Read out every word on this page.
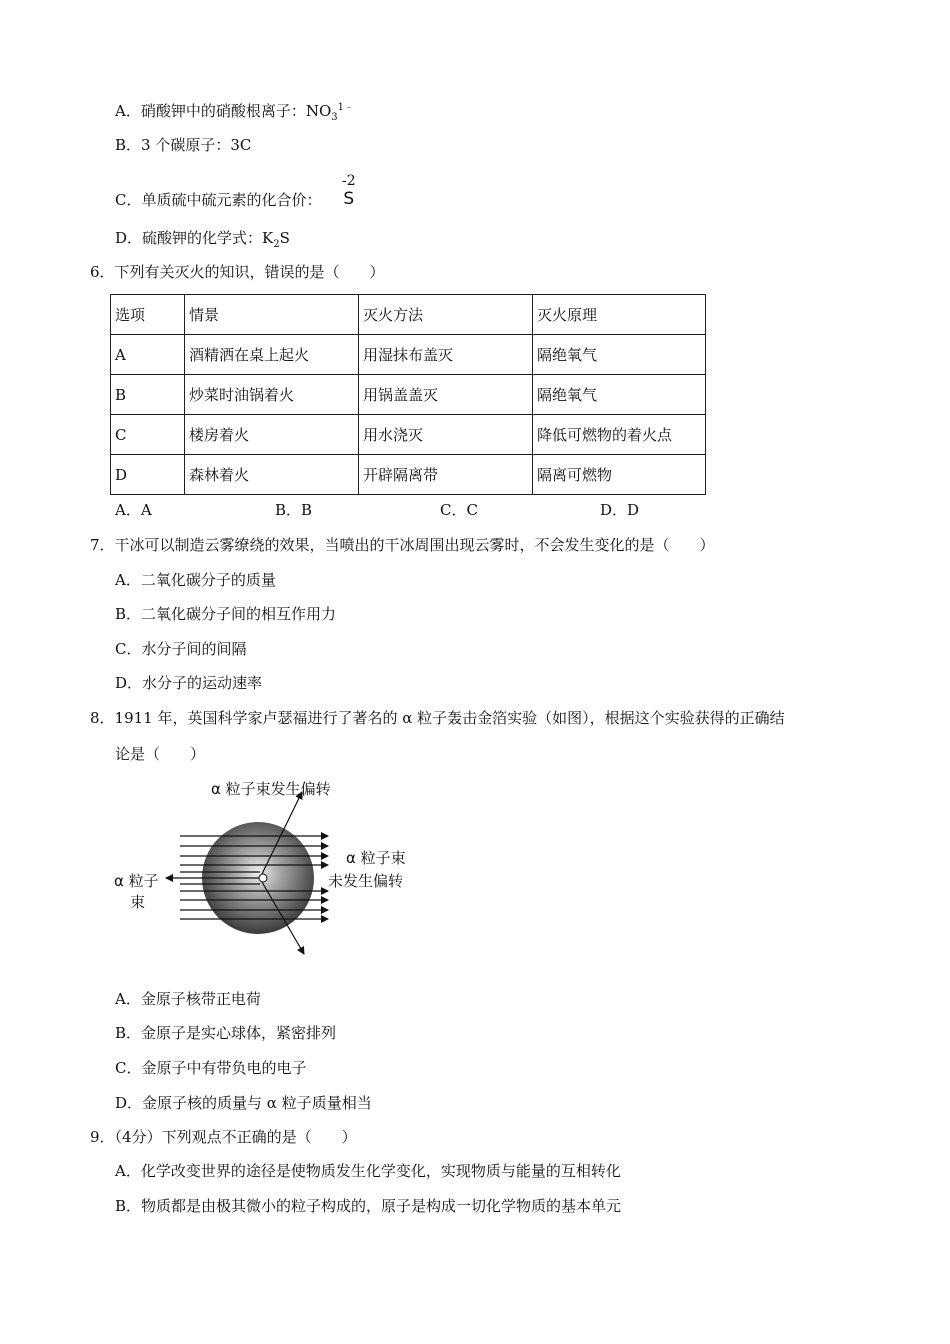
A．硝酸钾中的硝酸根离子：$NO_3^{1﹣}$
B．3 个碳原子：3C
C．单质硫中硫元素的化合价：
-2
S
D．硫酸钾的化学式：$K_2S$
6．下列有关灭火的知识，错误的是（　　）
选项	情景	灭火方法	灭火原理
A	酒精洒在桌上起火	用湿抹布盖灭	隔绝氧气
B	炒菜时油锅着火	用锅盖盖灭	隔绝氧气
C	楼房着火	用水浇灭	降低可燃物的着火点
D	森林着火	开辟隔离带	隔离可燃物
A．A	B．B	C．C	D．D
7．干冰可以制造云雾缭绕的效果，当喷出的干冰周围出现云雾时，不会发生变化的是（　　）
A．二氧化碳分子的质量
B．二氧化碳分子间的相互作用力
C．水分子间的间隔
D．水分子的运动速率
8．1911 年，英国科学家卢瑟福进行了著名的 α 粒子轰击金箔实验（如图），根据这个实验获得的正确结
论是（　　）
α 粒子束发生偏转
α 粒子束
未发生偏转
α 粒子
束
A．金原子核带正电荷
B．金原子是实心球体，紧密排列
C．金原子中有带负电的电子
D．金原子核的质量与 α 粒子质量相当
9．（4分）下列观点不正确的是（　　）
A．化学改变世界的途径是使物质发生化学变化，实现物质与能量的互相转化
B．物质都是由极其微小的粒子构成的，原子是构成一切化学物质的基本单元
